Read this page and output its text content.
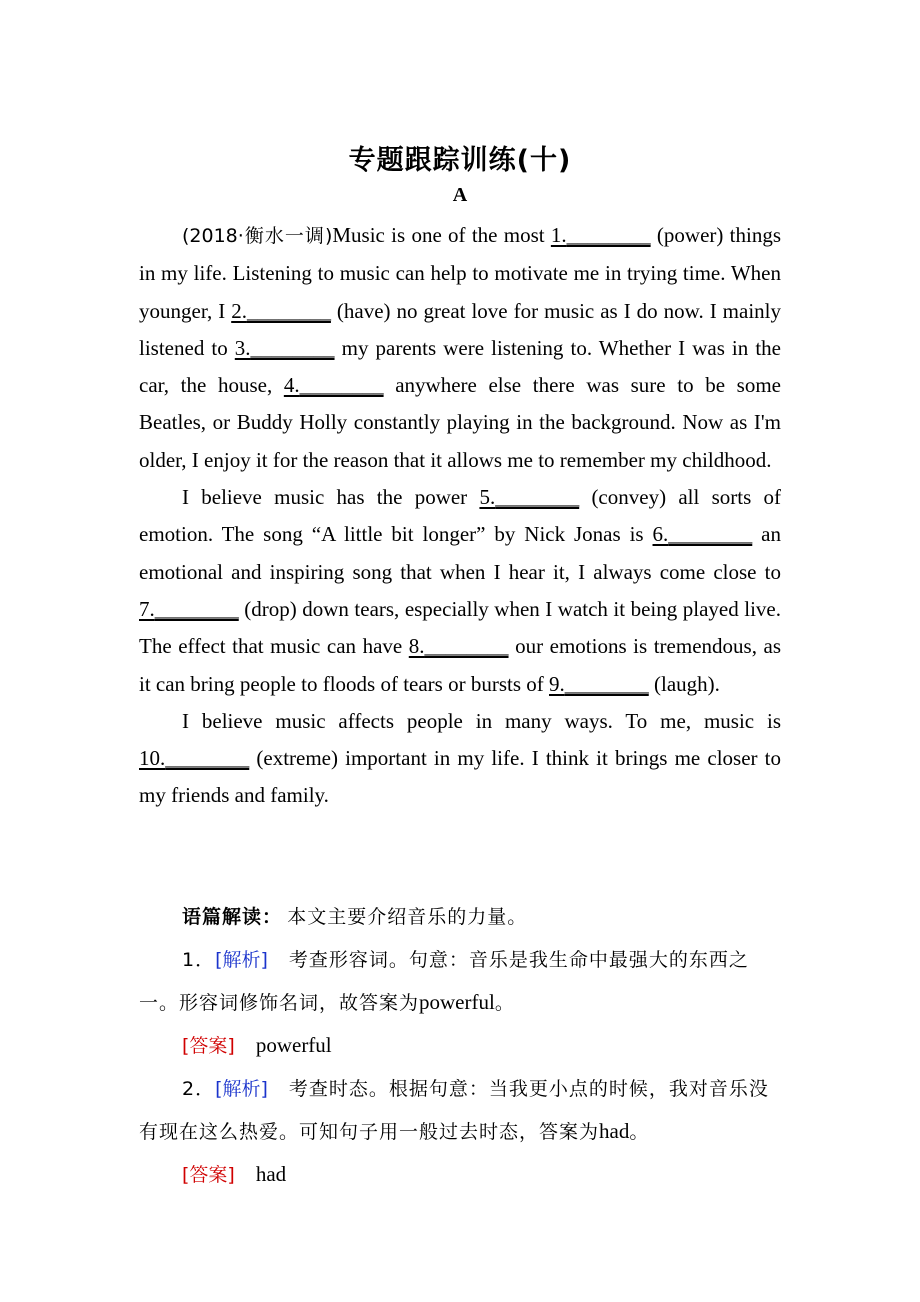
专题跟踪训练(十)
A

(2018·衡水一调)Music is one of the most 1. ________	(power) things in my life. Listening to music can help to motivate me in trying time. When younger, I 2. ________	(have) no great love for music as I do now. I mainly listened to 3. ________	my parents were listening to. Whether I was in the car, the house, 4. ________	anywhere else there was sure to be some Beatles, or Buddy Holly constantly playing in the background. Now as I'm older, I enjoy it for the reason that it allows me to remember my childhood.

I believe music has the power 5. ________	(convey) all sorts of emotion. The song “A little bit longer” by Nick Jonas is 6. ________	an emotional and inspiring song that when I hear it, I always come close to 7. ________	(drop) down tears, especially when I watch it being played live. The effect that music can have 8. ________	our emotions is tremendous, as it can bring people to floods of tears or bursts of 9. ________	(laugh).

I believe music affects people in many ways. To me, music is 10. ________	(extreme) important in my life. I think it brings me closer to my friends and family.

语篇解读： 本文主要介绍音乐的力量。

1．[解析]　 考查形容词。句意：音乐是我生命中最强大的东西之一。形容词修饰名词，故答案为powerful。

[答案]　 powerful

2．[解析]　 考查时态。根据句意：当我更小点的时候，我对音乐没有现在这么热爱。可知句子用一般过去时态，答案为had。

[答案]　 had
